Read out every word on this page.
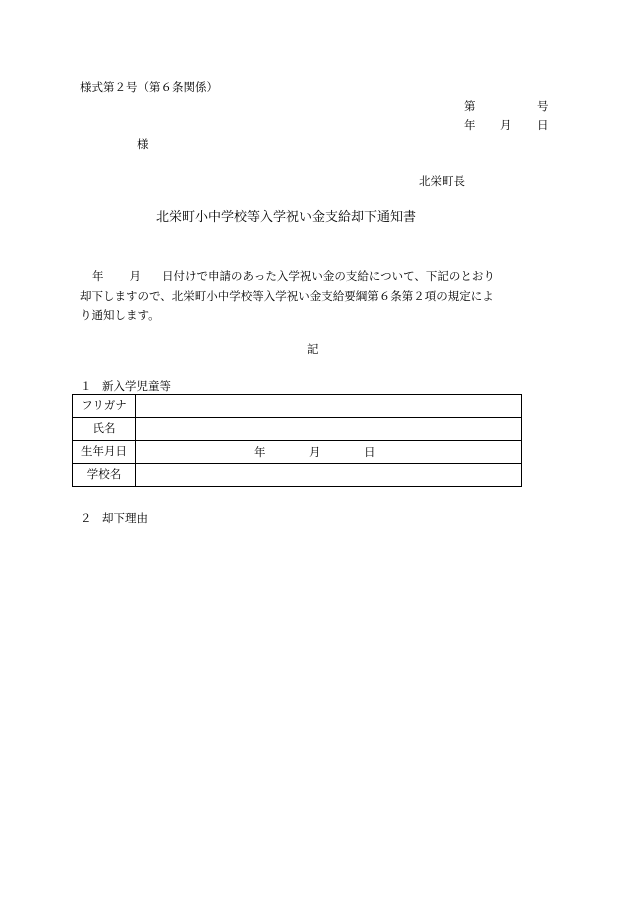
様式第２号（第６条関係）
第	号
年 月 日
様
北栄町長
北栄町小中学校等入学祝い金支給却下通知書
年 月 日付けで申請のあった入学祝い金の支給について、下記のとおり
却下しますので、北栄町小中学校等入学祝い金支給要綱第６条第２項の規定によ
り通知します。
記
１ 新入学児童等
フリガナ	
氏名	
生年月日	年 月 日

学校名	
２ 却下理由
